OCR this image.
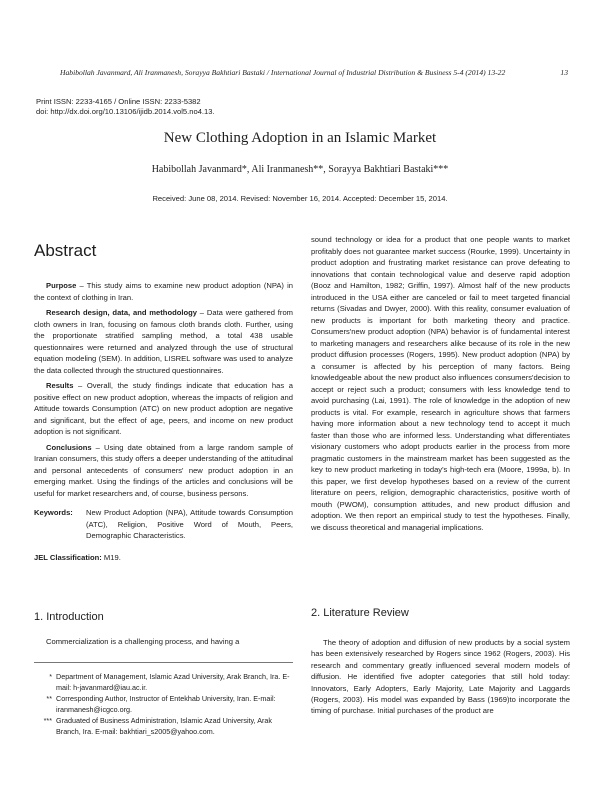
Habibollah Javanmard, Ali Iranmanesh, Sorayya Bakhtiari Bastaki / International Journal of Industrial Distribution & Business 5-4 (2014) 13-22	13
Print ISSN: 2233-4165 / Online ISSN: 2233-5382
doi: http://dx.doi.org/10.13106/ijidb.2014.vol5.no4.13.
New Clothing Adoption in an Islamic Market
Habibollah Javanmard*, Ali Iranmanesh**, Sorayya Bakhtiari Bastaki***
Received: June 08, 2014. Revised: November 16, 2014. Accepted: December 15, 2014.
Abstract

Purpose – This study aims to examine new product adoption (NPA) in the context of clothing in Iran.

Research design, data, and methodology – Data were gathered from cloth owners in Iran, focusing on famous cloth brands cloth. Further, using the proportionate stratified sampling method, a total 438 usable questionnaires were returned and analyzed through the use of structural equation modeling (SEM). In addition, LISREL software was used to analyze the data collected through the structured questionnaires.

Results – Overall, the study findings indicate that education has a positive effect on new product adoption, whereas the impacts of religion and Attitude towards Consumption (ATC) on new product adoption are negative and significant, but the effect of age, peers, and income on new product adoption is not significant.

Conclusions – Using date obtained from a large random sample of Iranian consumers, this study offers a deeper understanding of the attitudinal and personal antecedents of consumers' new product adoption in an emerging market. Using the findings of the articles and conclusions will be useful for market researchers and, of course, business persons.

Keywords:	New Product Adoption (NPA), Attitude towards Consumption (ATC), Religion, Positive Word of Mouth, Peers, Demographic Characteristics.
JEL Classification: M19.

sound technology or idea for a product that one people wants to market profitably does not guarantee market success (Rourke, 1999). Uncertainty in product adoption and frustrating market resistance can prove defeating to innovations that contain technological value and deserve rapid adoption (Booz and Hamilton, 1982; Griffin, 1997). Almost half of the new products introduced in the USA either are canceled or fail to meet targeted financial returns (Sivadas and Dwyer, 2000). With this reality, consumer evaluation of new products is important for both marketing theory and practice. Consumers'new product adoption (NPA) behavior is of fundamental interest to marketing managers and researchers alike because of its role in the new product diffusion processes (Rogers, 1995). New product adoption (NPA) by a consumer is affected by his perception of many factors. Being knowledgeable about the new product also influences consumers'decision to accept or reject such a product; consumers with less knowledge tend to avoid purchasing (Lai, 1991). The role of knowledge in the adoption of new products is vital. For example, research in agriculture shows that farmers having more information about a new technology tend to accept it much faster than those who are informed less. Understanding what differentiates visionary customers who adopt products earlier in the process from more pragmatic customers in the mainstream market has been suggested as the key to new product marketing in today's high-tech era (Moore, 1999a, b). In this paper, we first develop hypotheses based on a review of the current literature on peers, religion, demographic characteristics, positive worth of mouth (PWOM), consumption attitudes, and new product diffusion and adoption. We then report an empirical study to test the hypotheses. Finally, we discuss theoretical and managerial implications.

1. Introduction	2. Literature Review
Commercialization is a challenging process, and having a
* Department of Management, Islamic Azad University, Arak Branch, Ira. E-mail: h-javanmard@iau.ac.ir.
** Corresponding Author, Instructor of Entekhab University, Iran. E-mail: iranmanesh@icgco.org.
*** Graduated of Business Administration, Islamic Azad University, Arak Branch, Ira. E-mail: bakhtiari_s2005@yahoo.com.

The theory of adoption and diffusion of new products by a social system has been extensively researched by Rogers since 1962 (Rogers, 2003). His research and commentary greatly influenced several modern models of diffusion. He identified five adopter categories that still hold today: Innovators, Early Adopters, Early Majority, Late Majority and Laggards (Rogers, 2003). His model was expanded by Bass (1969)to incorporate the timing of purchase. Initial purchases of the product are
